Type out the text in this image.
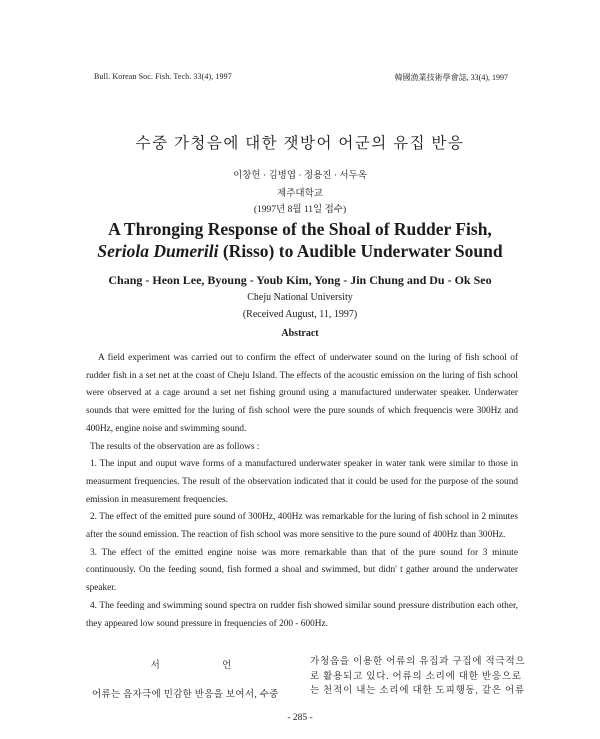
Bull. Korean Soc. Fish. Tech. 33(4), 1997	韓國漁業技術學會誌, 33(4), 1997
수중 가청음에 대한 잿방어 어군의 유집 반응
이창헌 · 김병엽 · 정용진 · 서두옥
제주대학교
(1997년 8월 11일 접수)
A Thronging Response of the Shoal of Rudder Fish,
Seriola Dumerili (Risso) to Audible Underwater Sound
Chang - Heon Lee, Byoung - Youb Kim, Yong - Jin Chung and Du - Ok Seo
Cheju National University
(Received August, 11, 1997)
Abstract

A field experiment was carried out to confirm the effect of underwater sound on the luring of fish school of rudder fish in a set net at the coast of Cheju Island. The effects of the acoustic emission on the luring of fish school were observed at a cage around a set net fishing ground using a manufactured underwater speaker. Underwater sounds that were emitted for the luring of fish school were the pure sounds of which frequencis were 300Hz and 400Hz, engine noise and swimming sound.

The results of the observation are as follows :

1. The input and ouput wave forms of a manufactured underwater speaker in water tank were similar to those in measurment frequencies. The result of the observation indicated that it could be used for the purpose of the sound emission in measurement frequencies.

2. The effect of the emitted pure sound of 300Hz, 400Hz was remarkable for the luring of fish school in 2 minutes after the sound emission. The reaction of fish school was more sensitive to the pure sound of 400Hz than 300Hz.

3. The effect of the emitted engine noise was more remarkable than that of the pure sound for 3 minute continuously. On the feeding sound, fish formed a shoal and swimmed, but didn' t gather around the underwater speaker.

4. The feeding and swimming sound spectra on rudder fish showed similar sound pressure distribution each other, they appeared low sound pressure in frequencies of 200 - 600Hz.

서 언
어류는 음자극에 민감한 반응을 보여서, 수중
가청음을 이용한 어류의 유집과 구집에 적극적으
로 활용되고 있다. 어류의 소리에 대한 반응으로
는 천적이 내는 소리에 대한 도피행동, 같은 어류
- 285 -
